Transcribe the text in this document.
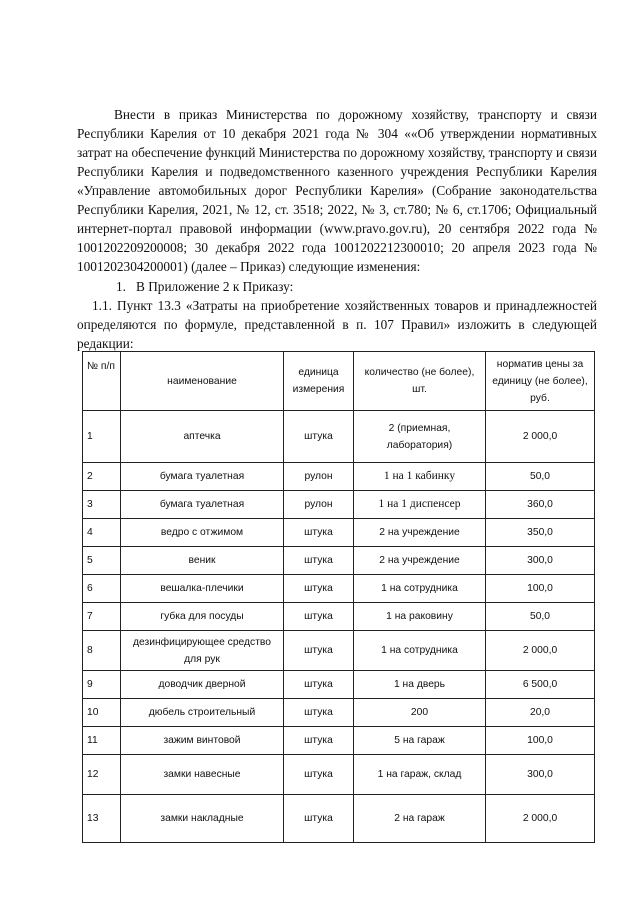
Внести в приказ Министерства по дорожному хозяйству, транспорту и связи Республики Карелия от 10 декабря 2021 года № 304 ««Об утверждении нормативных затрат на обеспечение функций Министерства по дорожному хозяйству, транспорту и связи Республики Карелия и подведомственного казенного учреждения Республики Карелия «Управление автомобильных дорог Республики Карелия» (Собрание законодательства Республики Карелия, 2021, № 12, ст. 3518; 2022, № 3, ст.780; № 6, ст.1706; Официальный интернет-портал правовой информации (www.pravo.gov.ru), 20 сентября 2022 года № 1001202209200008; 30 декабря 2022 года 1001202212300010; 20 апреля 2023 года № 1001202304200001) (далее – Приказ) следующие изменения:

1. В Приложение 2 к Приказу:

1.1. Пункт 13.3 «Затраты на приобретение хозяйственных товаров и принадлежностей определяются по формуле, представленной в п. 107 Правил» изложить в следующей редакции:

№ п/п	наименование	единица измерения	количество (не более), шт.	норматив цены за единицу (не более), руб.
1	аптечка	штука	2 (приемная, лаборатория)	2 000,0
2	бумага туалетная	рулон	1 на 1 кабинку	50,0
3	бумага туалетная	рулон	1 на 1 диспенсер	360,0
4	ведро с отжимом	штука	2 на учреждение	350,0
5	веник	штука	2 на учреждение	300,0
6	вешалка-плечики	штука	1 на сотрудника	100,0
7	губка для посуды	штука	1 на раковину	50,0
8	дезинфицирующее средство для рук	штука	1 на сотрудника	2 000,0
9	доводчик дверной	штука	1 на дверь	6 500,0
10	дюбель строительный	штука	200	20,0
11	зажим винтовой	штука	5 на гараж	100,0
12	замки навесные	штука	1 на гараж, склад	300,0
13	замки накладные	штука	2 на гараж	2 000,0
